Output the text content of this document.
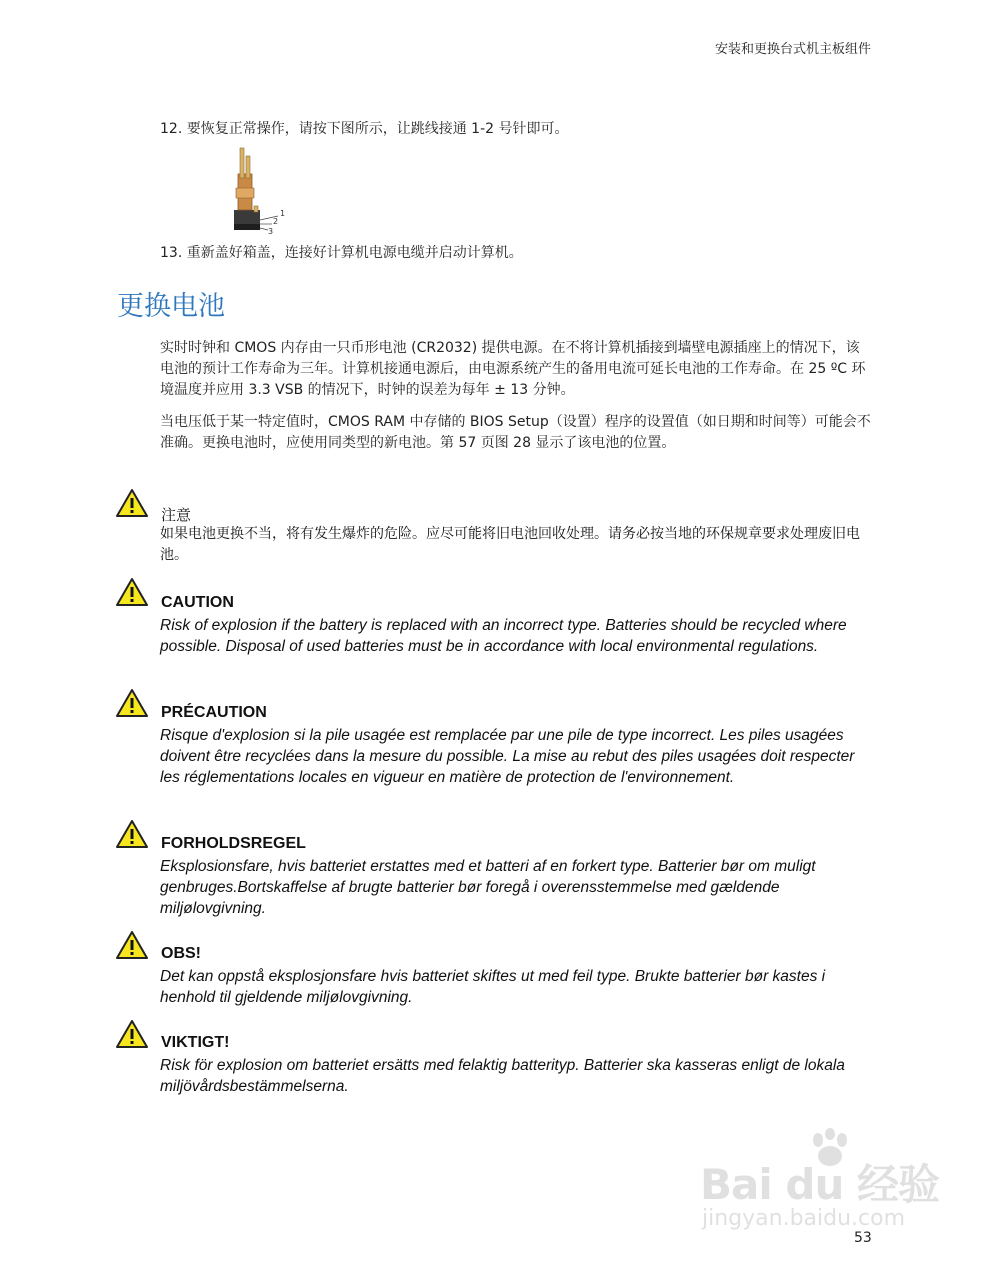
安装和更换台式机主板组件
12. 要恢复正常操作，请按下图所示，让跳线接通 1-2 号针即可。
1
2
3
13. 重新盖好箱盖，连接好计算机电源电缆并启动计算机。
更换电池

实时时钟和 CMOS 内存由一只币形电池 (CR2032) 提供电源。在不将计算机插接到墙壁电源插座上的情况下，该电池的预计工作寿命为三年。计算机接通电源后，由电源系统产生的备用电流可延长电池的工作寿命。在 25 ºC 环境温度并应用 3.3 VSB 的情况下，时钟的误差为每年 ± 13 分钟。

当电压低于某一特定值时，CMOS RAM 中存储的 BIOS Setup（设置）程序的设置值（如日期和时间等）可能会不准确。更换电池时，应使用同类型的新电池。第 57 页图 28 显示了该电池的位置。

注意

如果电池更换不当，将有发生爆炸的危险。应尽可能将旧电池回收处理。请务必按当地的环保规章要求处理废旧电池。

CAUTION

Risk of explosion if the battery is replaced with an incorrect type. Batteries should be recycled where possible. Disposal of used batteries must be in accordance with local environmental regulations.

PRÉCAUTION

Risque d'explosion si la pile usagée est remplacée par une pile de type incorrect. Les piles usagées doivent être recyclées dans la mesure du possible. La mise au rebut des piles usagées doit respecter les réglementations locales en vigueur en matière de protection de l'environnement.

FORHOLDSREGEL

Eksplosionsfare, hvis batteriet erstattes med et batteri af en forkert type. Batterier bør om muligt genbruges.Bortskaffelse af brugte batterier bør foregå i overensstemmelse med gældende miljølovgivning.

OBS!

Det kan oppstå eksplosjonsfare hvis batteriet skiftes ut med feil type. Brukte batterier bør kastes i henhold til gjeldende miljølovgivning.

VIKTIGT!

Risk för explosion om batteriet ersätts med felaktig batterityp. Batterier ska kasseras enligt de lokala miljövårdsbestämmelserna.

Bai du 经验
jingyan.baidu.com
53
